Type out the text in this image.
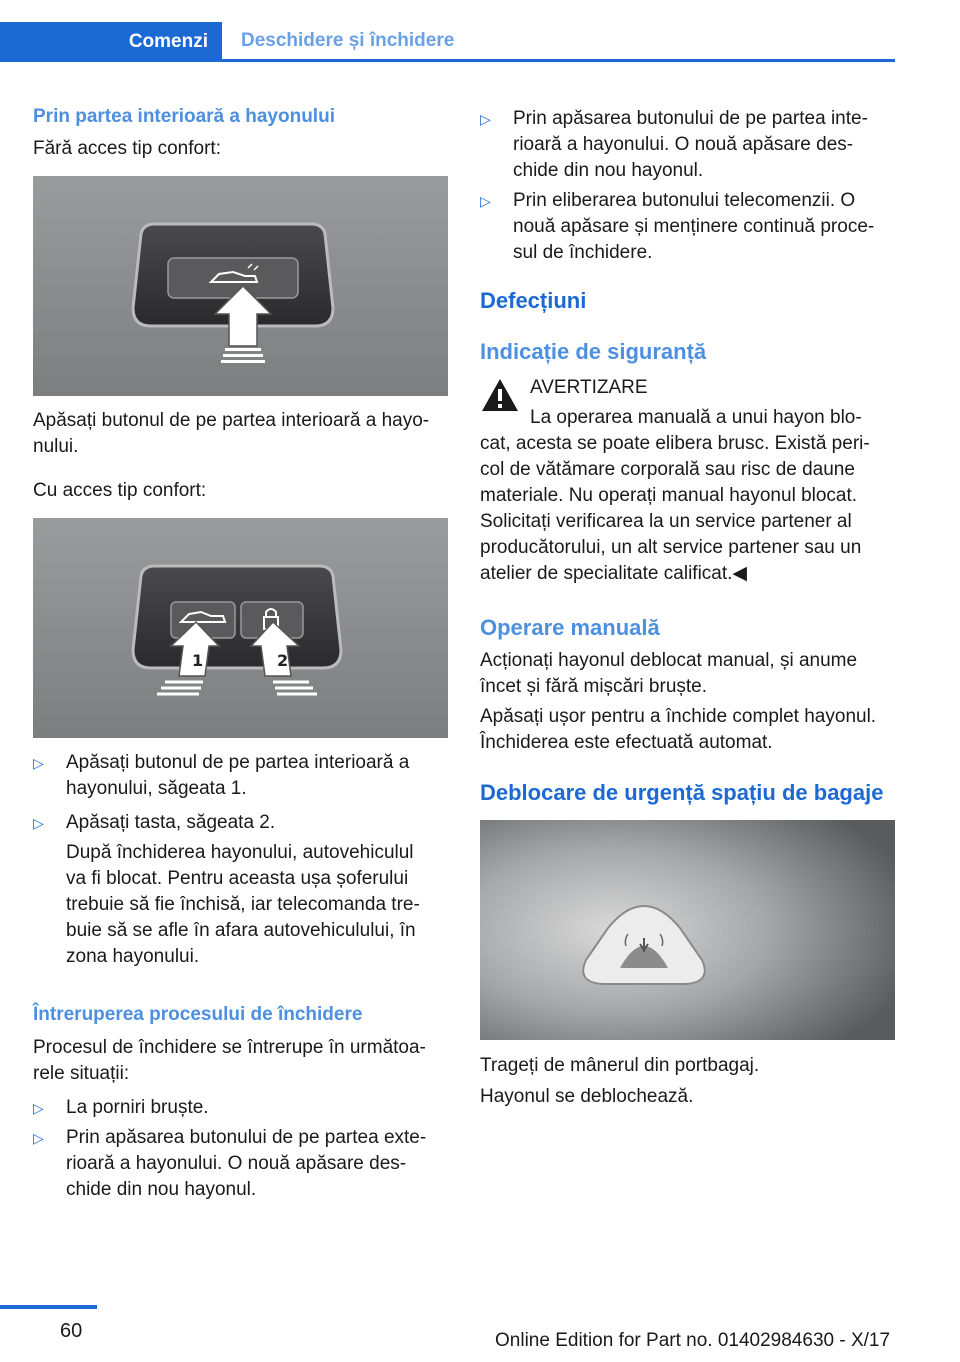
Comenzi Deschidere și închidere
Prin partea interioară a hayonului
Fără acces tip confort:
Apăsați butonul de pe partea interioară a hayo‐
nului.
Cu acces tip confort:
1	2
▷ Apăsați butonul de pe partea interioară a
hayonului, săgeata 1.
▷ Apăsați tasta, săgeata 2.
După închiderea hayonului, autovehiculul
va fi blocat. Pentru aceasta ușa șoferului
trebuie să fie închisă, iar telecomanda tre‐
buie să se afle în afara autovehiculului, în
zona hayonului.
Întreruperea procesului de închidere
Procesul de închidere se întrerupe în următoa‐
rele situații:
▷ La porniri bruște.
▷ Prin apăsarea butonului de pe partea exte‐
rioară a hayonului. O nouă apăsare des‐
chide din nou hayonul.
▷ Prin apăsarea butonului de pe partea inte‐
rioară a hayonului. O nouă apăsare des‐
chide din nou hayonul.
▷ Prin eliberarea butonului telecomenzii. O
nouă apăsare și menținere continuă proce‐
sul de închidere.
Defecțiuni
Indicație de siguranță
AVERTIZARE
La operarea manuală a unui hayon blo‐
cat, acesta se poate elibera brusc. Există peri‐
col de vătămare corporală sau risc de daune
materiale. Nu operați manual hayonul blocat.
Solicitați verificarea la un service partener al
producătorului, un alt service partener sau un
atelier de specialitate calificat.◀
Operare manuală
Acționați hayonul deblocat manual, și anume
încet și fără mișcări bruște.
Apăsați ușor pentru a închide complet hayonul.
Închiderea este efectuată automat.
Deblocare de urgență spațiu de bagaje
Trageți de mânerul din portbagaj.
Hayonul se deblochează.
60	Online Edition for Part no. 01402984630 - X/17
